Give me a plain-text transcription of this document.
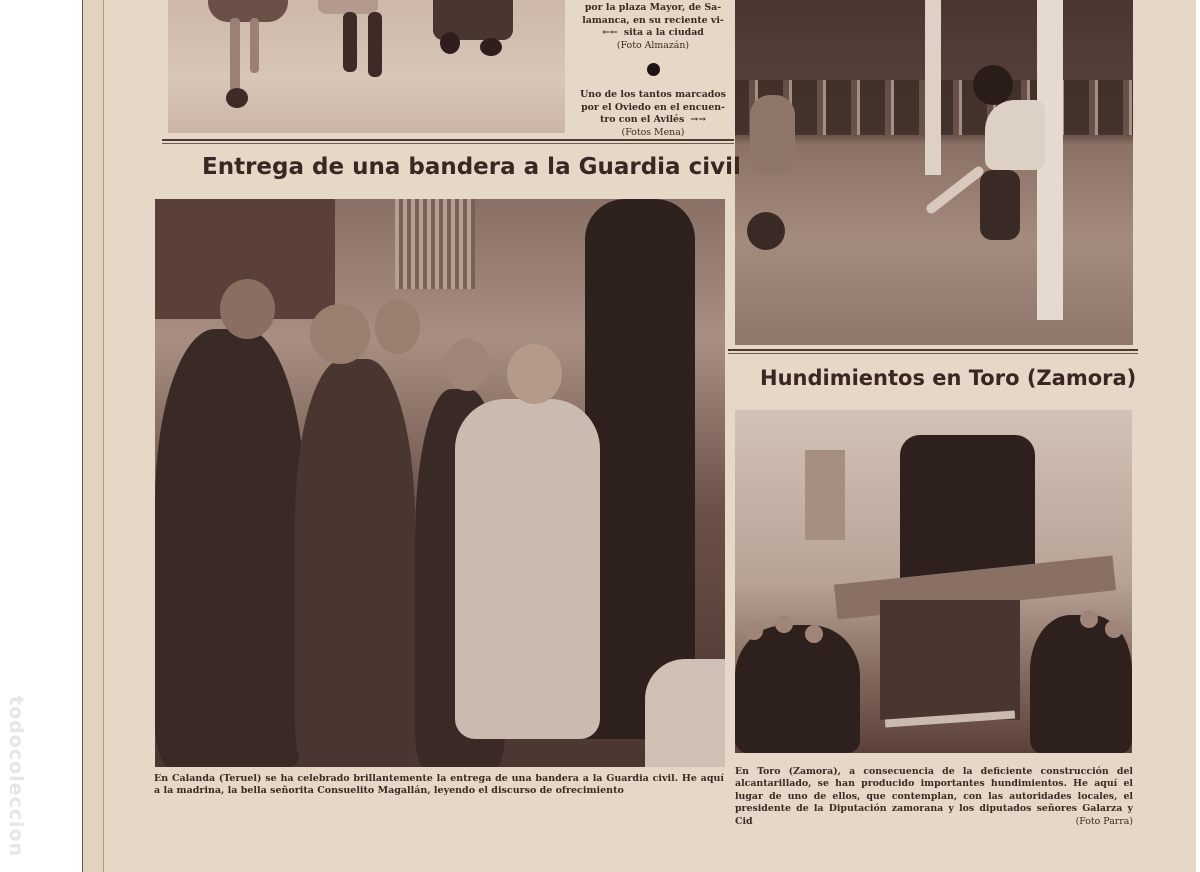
todocoleccion
por la plaza Mayor, de Sa-
lamanca, en su reciente vi-
←← sita a la ciudad
(Foto Almazán)
Uno de los tantos marcados
por el Oviedo en el encuen-
tro con el Avilés →→
(Fotos Mena)
Entrega de una bandera a la Guardia civil
En Calanda (Teruel) se ha celebrado brillantemente la entrega de una bandera a la Guardia civil. He aquí a la madrina, la bella señorita Consuelito Magallán, leyendo el discurso de ofrecimiento
Hundimientos en Toro (Zamora)
En Toro (Zamora), a consecuencia de la deficiente construcción del alcantarillado, se han producido importantes hundimientos. He aquí el lugar de uno de ellos, que contemplan, con las autoridades locales, el presidente de la Diputación zamorana y los diputados señores Galarza y Cid	(Foto Parra)
